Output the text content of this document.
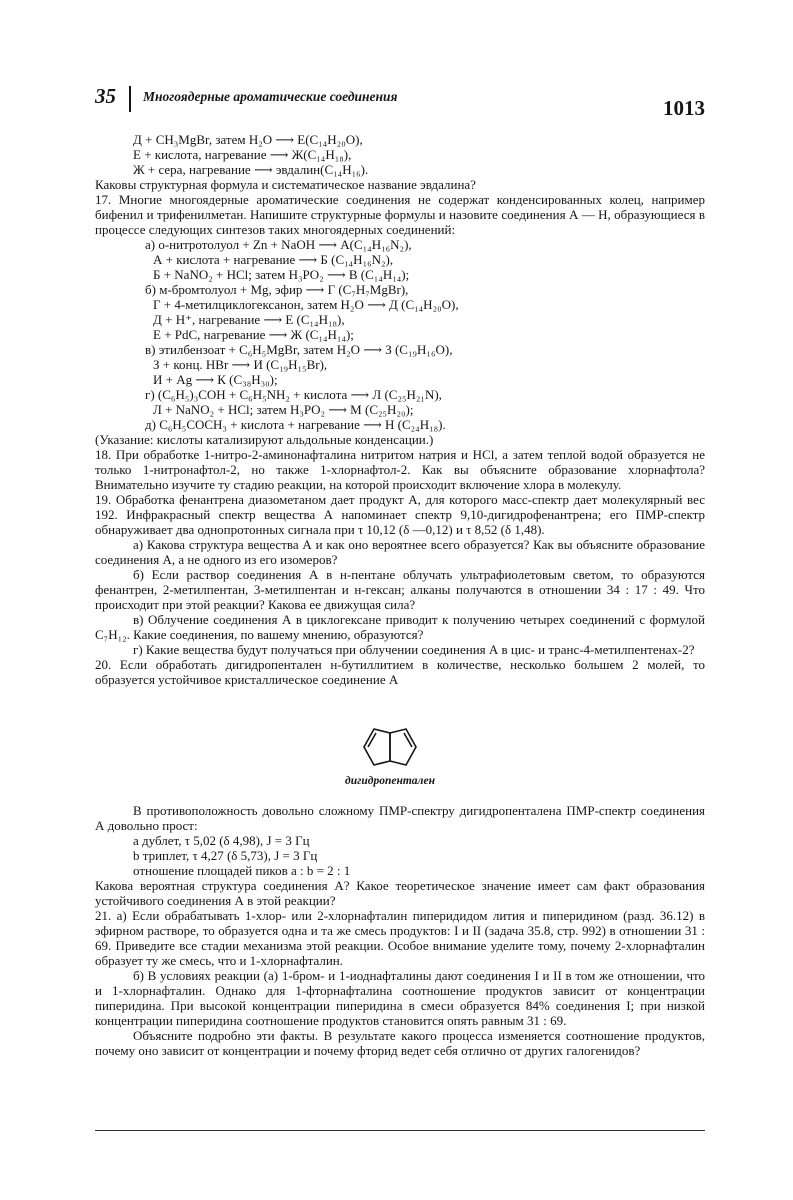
35 Многоядерные ароматические соединения	1013
Д + CH₃MgBr, затем H₂O ⟶ Е(C₁₄H₂₀O),
Е + кислота, нагревание ⟶ Ж(C₁₄H₁₈),
Ж + сера, нагревание ⟶ эвдалин(C₁₄H₁₆).
Каковы структурная формула и систематическое название эвдалина?
17. Многие многоядерные ароматические соединения не содержат конденсированных колец, например бифенил и трифенилметан. Напишите структурные формулы и назовите соединения А — Н, образующиеся в процессе следующих синтезов таких многоядерных соединений:
а) о-нитротолуол + Zn + NaOH ⟶ А(C₁₄H₁₆N₂),
А + кислота + нагревание ⟶ Б (C₁₄H₁₆N₂),
Б + NaNO₂ + HCl; затем H₃PO₂ ⟶ В (C₁₄H₁₄);
б) м-бромтолуол + Mg, эфир ⟶ Г (C₇H₇MgBr),
Г + 4-метилциклогексанон, затем H₂O ⟶ Д (C₁₄H₂₀O),
Д + H⁺, нагревание ⟶ Е (C₁₄H₁₈),
Е + PdC, нагревание ⟶ Ж (C₁₄H₁₄);
в) этилбензоат + C₆H₅MgBr, затем H₂O ⟶ З (C₁₉H₁₆O),
З + конц. HBr ⟶ И (C₁₉H₁₅Br),
И + Ag ⟶ К (C₃₈H₃₀);
г) (C₆H₅)₃COH + C₆H₅NH₂ + кислота ⟶ Л (C₂₅H₂₁N),
Л + NaNO₂ + HCl; затем H₃PO₂ ⟶ М (C₂₅H₂₀);
д) C₆H₅COCH₃ + кислота + нагревание ⟶ Н (C₂₄H₁₈).
(Указание: кислоты катализируют альдольные конденсации.)
18. При обработке 1-нитро-2-аминонафталина нитритом натрия и HCl, а затем теплой водой образуется не только 1-нитронафтол-2, но также 1-хлорнафтол-2. Как вы объясните образование хлорнафтола? Внимательно изучите ту стадию реакции, на которой происходит включение хлора в молекулу.
19. Обработка фенантрена диазометаном дает продукт А, для которого масс-спектр дает молекулярный вес 192. Инфракрасный спектр вещества А напоминает спектр 9,10-дигидрофенантрена; его ПМР-спектр обнаруживает два однопротонных сигнала при τ 10,12 (δ —0,12) и τ 8,52 (δ 1,48).
а) Какова структура вещества А и как оно вероятнее всего образуется? Как вы объясните образование соединения А, а не одного из его изомеров?
б) Если раствор соединения А в н-пентане облучать ультрафиолетовым светом, то образуются фенантрен, 2-метилпентан, 3-метилпентан и н-гексан; алканы получаются в отношении 34 : 17 : 49. Что происходит при этой реакции? Какова ее движущая сила?
в) Облучение соединения А в циклогексане приводит к получению четырех соединений с формулой C₇H₁₂. Какие соединения, по вашему мнению, образуются?
г) Какие вещества будут получаться при облучении соединения А в цис- и транс-4-метилпентенах-2?
20. Если обработать дигидропентален н-бутиллитием в количестве, несколько большем 2 молей, то образуется устойчивое кристаллическое соединение А
дигидропентален
В противоположность довольно сложному ПМР-спектру дигидропенталена ПМР-спектр соединения А довольно прост:
a дублет, τ 5,02 (δ 4,98), J = 3 Гц
b триплет, τ 4,27 (δ 5,73), J = 3 Гц
отношение площадей пиков a : b = 2 : 1
Какова вероятная структура соединения А? Какое теоретическое значение имеет сам факт образования устойчивого соединения А в этой реакции?
21. а) Если обрабатывать 1-хлор- или 2-хлорнафталин пиперидидом лития и пиперидином (разд. 36.12) в эфирном растворе, то образуется одна и та же смесь продуктов: I и II (задача 35.8, стр. 992) в отношении 31 : 69. Приведите все стадии механизма этой реакции. Особое внимание уделите тому, почему 2-хлорнафталин образует ту же смесь, что и 1-хлорнафталин.
б) В условиях реакции (а) 1-бром- и 1-иоднафталины дают соединения I и II в том же отношении, что и 1-хлорнафталин. Однако для 1-фторнафталина соотношение продуктов зависит от концентрации пиперидина. При высокой концентрации пиперидина в смеси образуется 84% соединения I; при низкой концентрации пиперидина соотношение продуктов становится опять равным 31 : 69.
Объясните подробно эти факты. В результате какого процесса изменяется соотношение продуктов, почему оно зависит от концентрации и почему фторид ведет себя отлично от других галогенидов?
